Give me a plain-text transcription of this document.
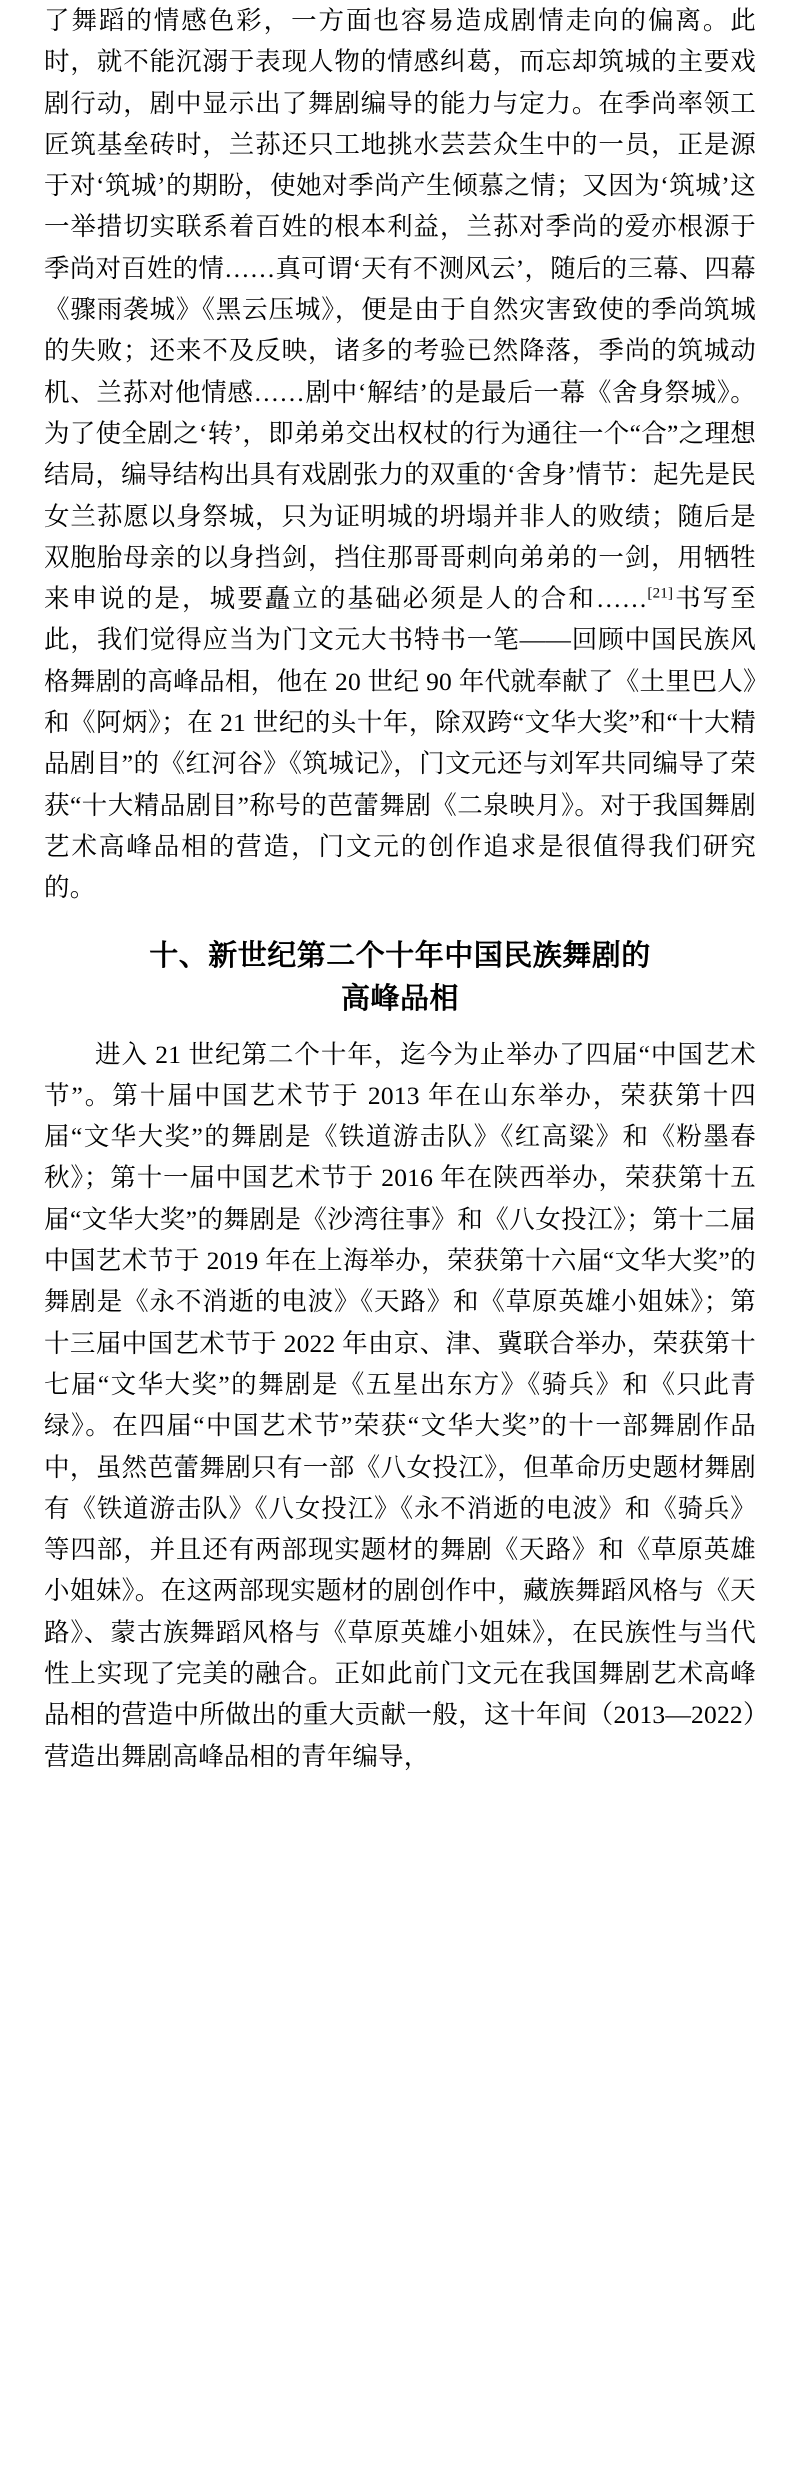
了舞蹈的情感色彩，一方面也容易造成剧情走向的偏离。此时，就不能沉溺于表现人物的情感纠葛，而忘却筑城的主要戏剧行动，剧中显示出了舞剧编导的能力与定力。在季尚率领工匠筑基垒砖时，兰荪还只工地挑水芸芸众生中的一员，正是源于对‘筑城’的期盼，使她对季尚产生倾慕之情；又因为‘筑城’这一举措切实联系着百姓的根本利益，兰荪对季尚的爱亦根源于季尚对百姓的情……真可谓‘天有不测风云’，随后的三幕、四幕《骤雨袭城》《黑云压城》，便是由于自然灾害致使的季尚筑城的失败；还来不及反映，诸多的考验已然降落，季尚的筑城动机、兰荪对他情感……剧中‘解结’的是最后一幕《舍身祭城》。为了使全剧之‘转’，即弟弟交出权杖的行为通往一个“合”之理想结局，编导结构出具有戏剧张力的双重的‘舍身’情节：起先是民女兰荪愿以身祭城，只为证明城的坍塌并非人的败绩；随后是双胞胎母亲的以身挡剑，挡住那哥哥刺向弟弟的一剑，用牺牲来申说的是，城要矗立的基础必须是人的合和……[21]书写至此，我们觉得应当为门文元大书特书一笔——回顾中国民族风格舞剧的高峰品相，他在 20 世纪 90 年代就奉献了《土里巴人》和《阿炳》；在 21 世纪的头十年，除双跨“文华大奖”和“十大精品剧目”的《红河谷》《筑城记》，门文元还与刘军共同编导了荣获“十大精品剧目”称号的芭蕾舞剧《二泉映月》。对于我国舞剧艺术高峰品相的营造，门文元的创作追求是很值得我们研究的。

十、新世纪第二个十年中国民族舞剧的
高峰品相

进入 21 世纪第二个十年，迄今为止举办了四届“中国艺术节”。第十届中国艺术节于 2013 年在山东举办，荣获第十四届“文华大奖”的舞剧是《铁道游击队》《红高粱》和《粉墨春秋》；第十一届中国艺术节于 2016 年在陕西举办，荣获第十五届“文华大奖”的舞剧是《沙湾往事》和《八女投江》；第十二届中国艺术节于 2019 年在上海举办，荣获第十六届“文华大奖”的舞剧是《永不消逝的电波》《天路》和《草原英雄小姐妹》；第十三届中国艺术节于 2022 年由京、津、冀联合举办，荣获第十七届“文华大奖”的舞剧是《五星出东方》《骑兵》和《只此青绿》。在四届“中国艺术节”荣获“文华大奖”的十一部舞剧作品中，虽然芭蕾舞剧只有一部《八女投江》，但革命历史题材舞剧有《铁道游击队》《八女投江》《永不消逝的电波》和《骑兵》等四部，并且还有两部现实题材的舞剧《天路》和《草原英雄小姐妹》。在这两部现实题材的剧创作中，藏族舞蹈风格与《天路》、蒙古族舞蹈风格与《草原英雄小姐妹》，在民族性与当代性上实现了完美的融合。正如此前门文元在我国舞剧艺术高峰品相的营造中所做出的重大贡献一般，这十年间（2013—2022）营造出舞剧高峰品相的青年编导，
